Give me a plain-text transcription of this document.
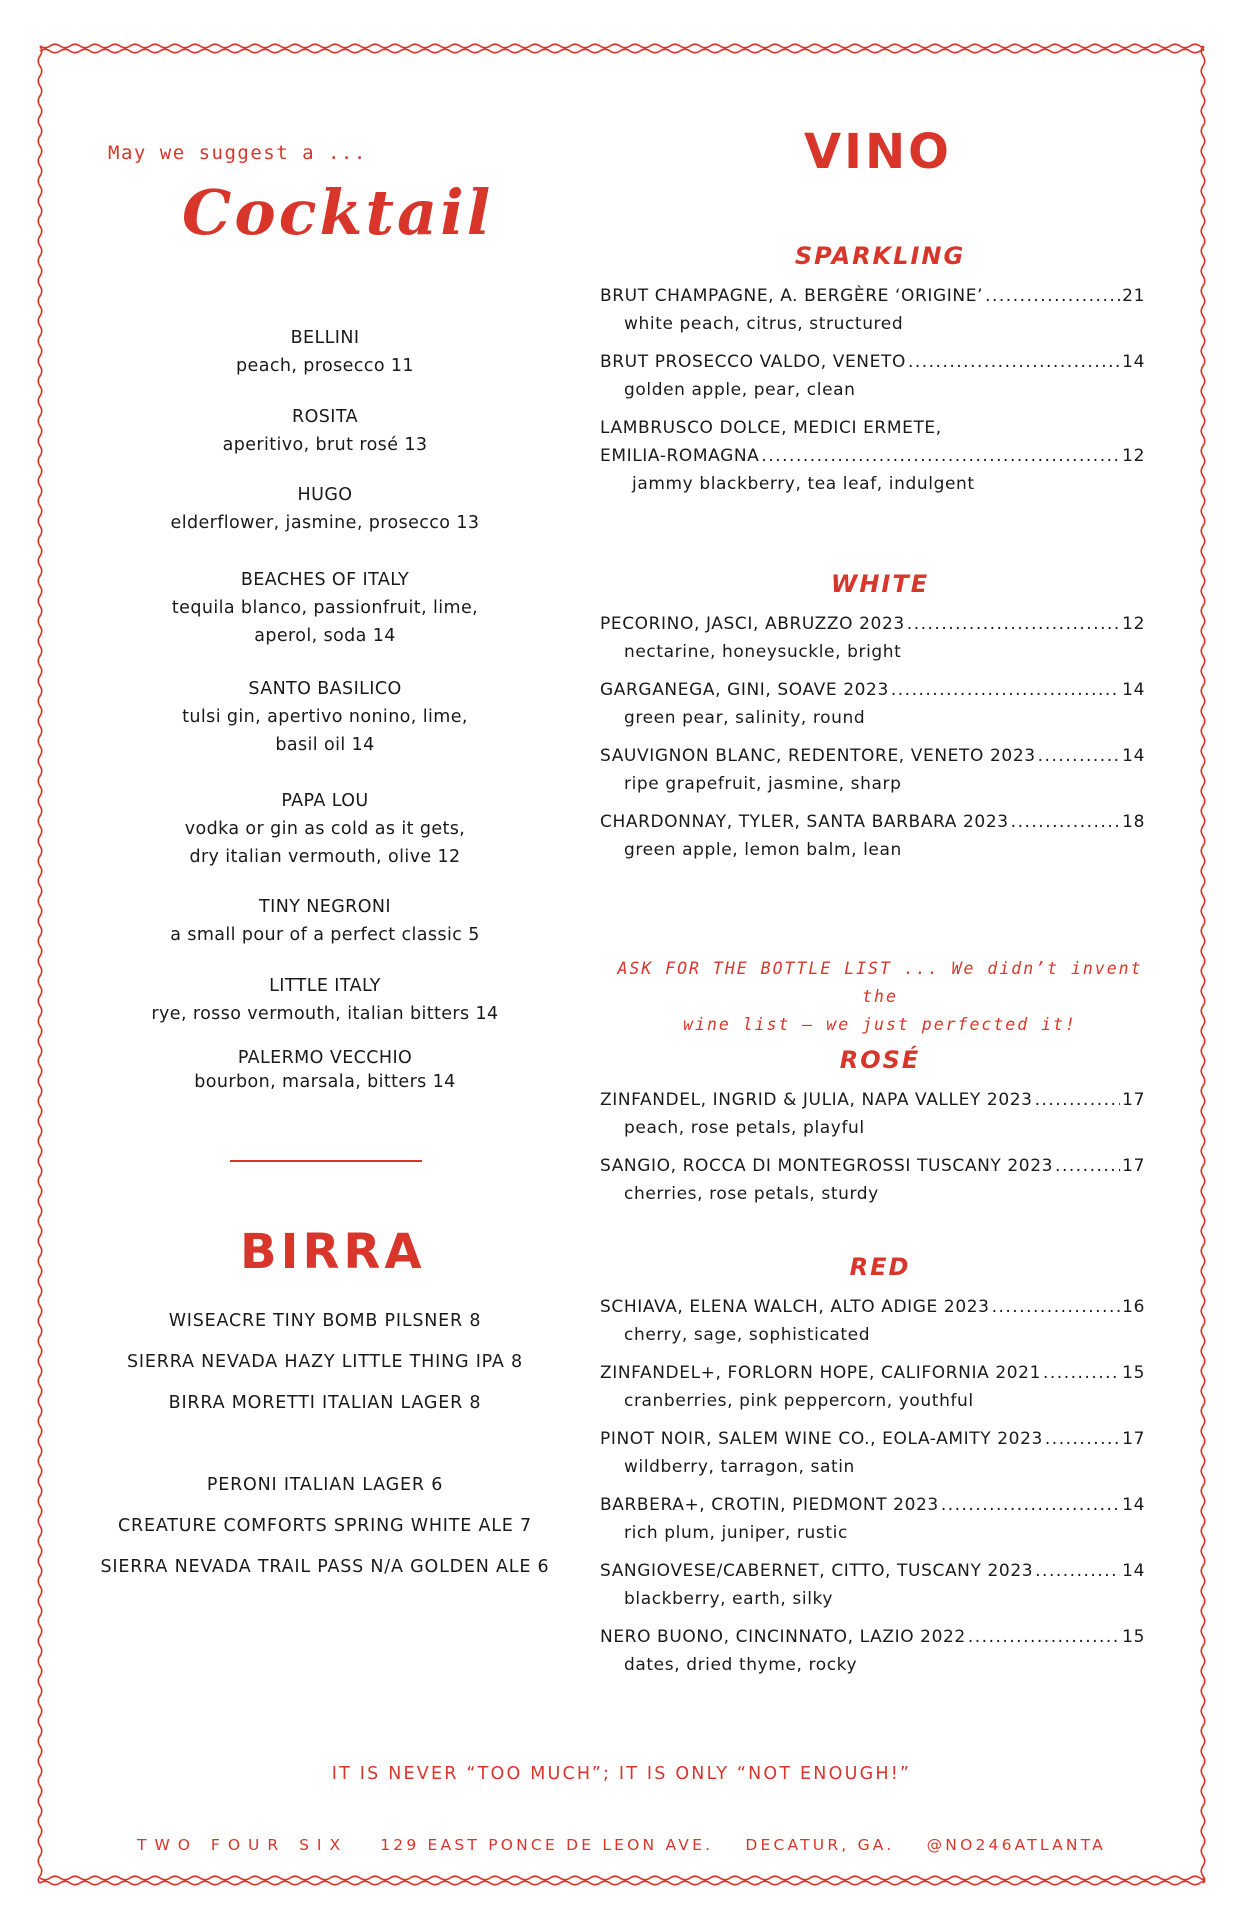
May we suggest a ...
Cocktail
BELLINI
peach, prosecco 11
ROSITA
aperitivo, brut rosé 13
HUGO
elderflower, jasmine, prosecco 13
BEACHES OF ITALY
tequila blanco, passionfruit, lime,
aperol, soda 14
SANTO BASILICO
tulsi gin, apertivo nonino, lime,
basil oil 14
PAPA LOU
vodka or gin as cold as it gets,
dry italian vermouth, olive 12
TINY NEGRONI
a small pour of a perfect classic 5
LITTLE ITALY
rye, rosso vermouth, italian bitters 14
PALERMO VECCHIO
bourbon, marsala, bitters 14
BIRRA
WISEACRE TINY BOMB PILSNER 8
SIERRA NEVADA HAZY LITTLE THING IPA 8
BIRRA MORETTI ITALIAN LAGER 8
PERONI ITALIAN LAGER 6
CREATURE COMFORTS SPRING WHITE ALE 7
SIERRA NEVADA TRAIL PASS N/A GOLDEN ALE 6
VINO
SPARKLING
BRUT CHAMPAGNE, A. BERGÈRE ‘ORIGINE’ .....	21
white peach, citrus, structured
BRUT PROSECCO VALDO, VENETO .....	14
golden apple, pear, clean
LAMBRUSCO DOLCE, MEDICI ERMETE,
EMILIA-ROMAGNA .....	12
jammy blackberry, tea leaf, indulgent
WHITE
PECORINO, JASCI, ABRUZZO 2023 .....	12
nectarine, honeysuckle, bright
GARGANEGA, GINI, SOAVE 2023 .....	14
green pear, salinity, round
SAUVIGNON BLANC, REDENTORE, VENETO 2023 .....	14
ripe grapefruit, jasmine, sharp
CHARDONNAY, TYLER, SANTA BARBARA 2023 .....	18
green apple, lemon balm, lean
ASK FOR THE BOTTLE LIST ... We didn’t invent the
wine list — we just perfected it!
ROSÉ
ZINFANDEL, INGRID & JULIA, NAPA VALLEY 2023 .....	17
peach, rose petals, playful
SANGIO, ROCCA DI MONTEGROSSI TUSCANY 2023 .....	17
cherries, rose petals, sturdy
RED
SCHIAVA, ELENA WALCH, ALTO ADIGE 2023 .....	16
cherry, sage, sophisticated
ZINFANDEL+, FORLORN HOPE, CALIFORNIA 2021 .....	15
cranberries, pink peppercorn, youthful
PINOT NOIR, SALEM WINE CO., EOLA-AMITY 2023 .....	17
wildberry, tarragon, satin
BARBERA+, CROTIN, PIEDMONT 2023 .....	14
rich plum, juniper, rustic
SANGIOVESE/CABERNET, CITTO, TUSCANY 2023 .....	14
blackberry, earth, silky
NERO BUONO, CINCINNATO, LAZIO 2022 .....	15
dates, dried thyme, rocky
IT IS NEVER “TOO MUCH”; IT IS ONLY “NOT ENOUGH!”
TWO FOUR SIX 129 EAST PONCE DE LEON AVE. DECATUR, GA. @NO246ATLANTA
